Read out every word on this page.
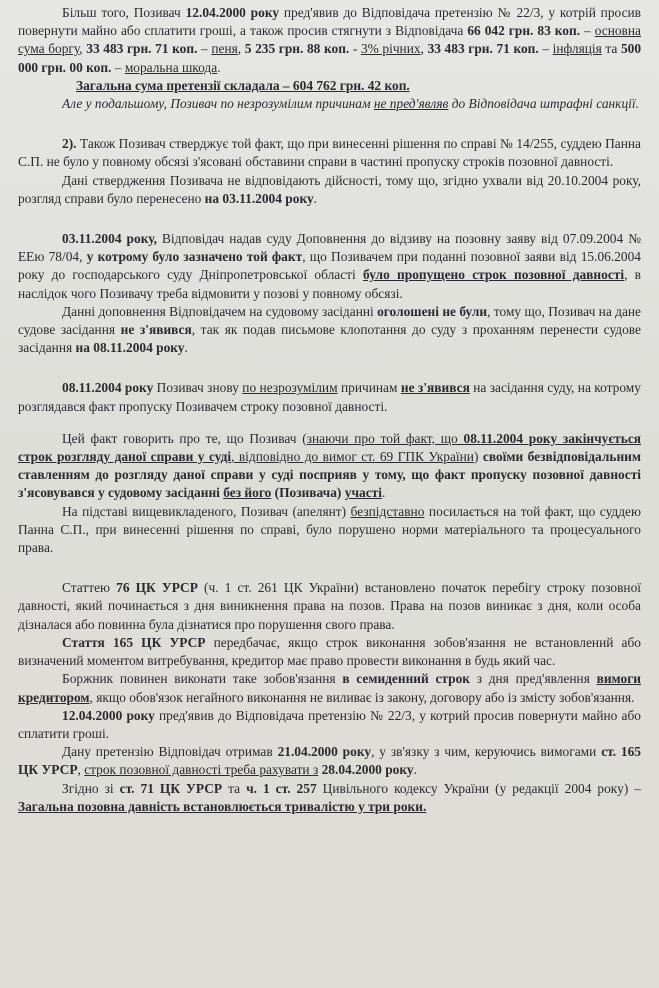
Більш того, Позивач 12.04.2000 року пред'явив до Відповідача претензію № 22/3, у котрій просив повернути майно або сплатити гроші, а також просив стягнути з Відповідача 66 042 грн. 83 коп. – основна сума боргу, 33 483 грн. 71 коп. – пеня, 5 235 грн. 88 коп. - 3% річних, 33 483 грн. 71 коп. – інфляція та 500 000 грн. 00 коп. – моральна шкода.

Загальна сума претензії складала – 604 762 грн. 42 коп.

Але у подальшому, Позивач по незрозумілим причинам не пред'являв до Відповідача штрафні санкції.

2). Також Позивач стверджує той факт, що при винесенні рішення по справі № 14/255, суддею Панна С.П. не було у повному обсязі з'ясовані обставини справи в частині пропуску строків позовної давності.

Дані ствердження Позивача не відповідають дійсності, тому що, згідно ухвали від 20.10.2004 року, розгляд справи було перенесено на 03.11.2004 року.

03.11.2004 року, Відповідач надав суду Доповнення до відзиву на позовну заяву від 07.09.2004 № ЕЕю 78/04, у котрому було зазначено той факт, що Позивачем при поданні позовної заяви від 15.06.2004 року до господарського суду Дніпропетровської області було пропущено строк позовної давності, в наслідок чого Позивачу треба відмовити у позові у повному обсязі.

Данні доповнення Відповідачем на судовому засіданні оголошені не були, тому що, Позивач на дане судове засідання не з'явився, так як подав письмове клопотання до суду з проханням перенести судове засідання на 08.11.2004 року.

08.11.2004 року Позивач знову по незрозумілим причинам не з'явився на засідання суду, на котрому розглядався факт пропуску Позивачем строку позовної давності.

Цей факт говорить про те, що Позивач (знаючи про той факт, що 08.11.2004 року закінчується строк розгляду даної справи у суді, відповідно до вимог ст. 69 ГПК України) своїми безвідповідальним ставленням до розгляду даної справи у суді посприяв у тому, що факт пропуску позовної давності з'ясовувався у судовому засіданні без його (Позивача) участі.

На підставі вищевикладеного, Позивач (апелянт) безпідставно посилається на той факт, що суддею Панна С.П., при винесенні рішення по справі, було порушено норми матеріального та процесуального права.

Статтею 76 ЦК УРСР (ч. 1 ст. 261 ЦК України) встановлено початок перебігу строку позовної давності, який починається з дня виникнення права на позов. Права на позов виникає з дня, коли особа дізналася або повинна була дізнатися про порушення свого права.

Стаття 165 ЦК УРСР передбачає, якщо строк виконання зобов'язання не встановлений або визначений моментом витребування, кредитор має право провести виконання в будь який час.

Боржник повинен виконати таке зобов'язання в семиденний строк з дня пред'явлення вимоги кредитором, якщо обов'язок негайного виконання не виливає із закону, договору або із змісту зобов'язання.

12.04.2000 року пред'явив до Відповідача претензію № 22/3, у котрий просив повернути майно або сплатити гроші.

Дану претензію Відповідач отримав 21.04.2000 року, у зв'язку з чим, керуючись вимогами ст. 165 ЦК УРСР, строк позовної давності треба рахувати з 28.04.2000 року.

Згідно зі ст. 71 ЦК УРСР та ч. 1 ст. 257 Цивільного кодексу України (у редакції 2004 року) – Загальна позовна давність встановлюється тривалістю у три роки.
